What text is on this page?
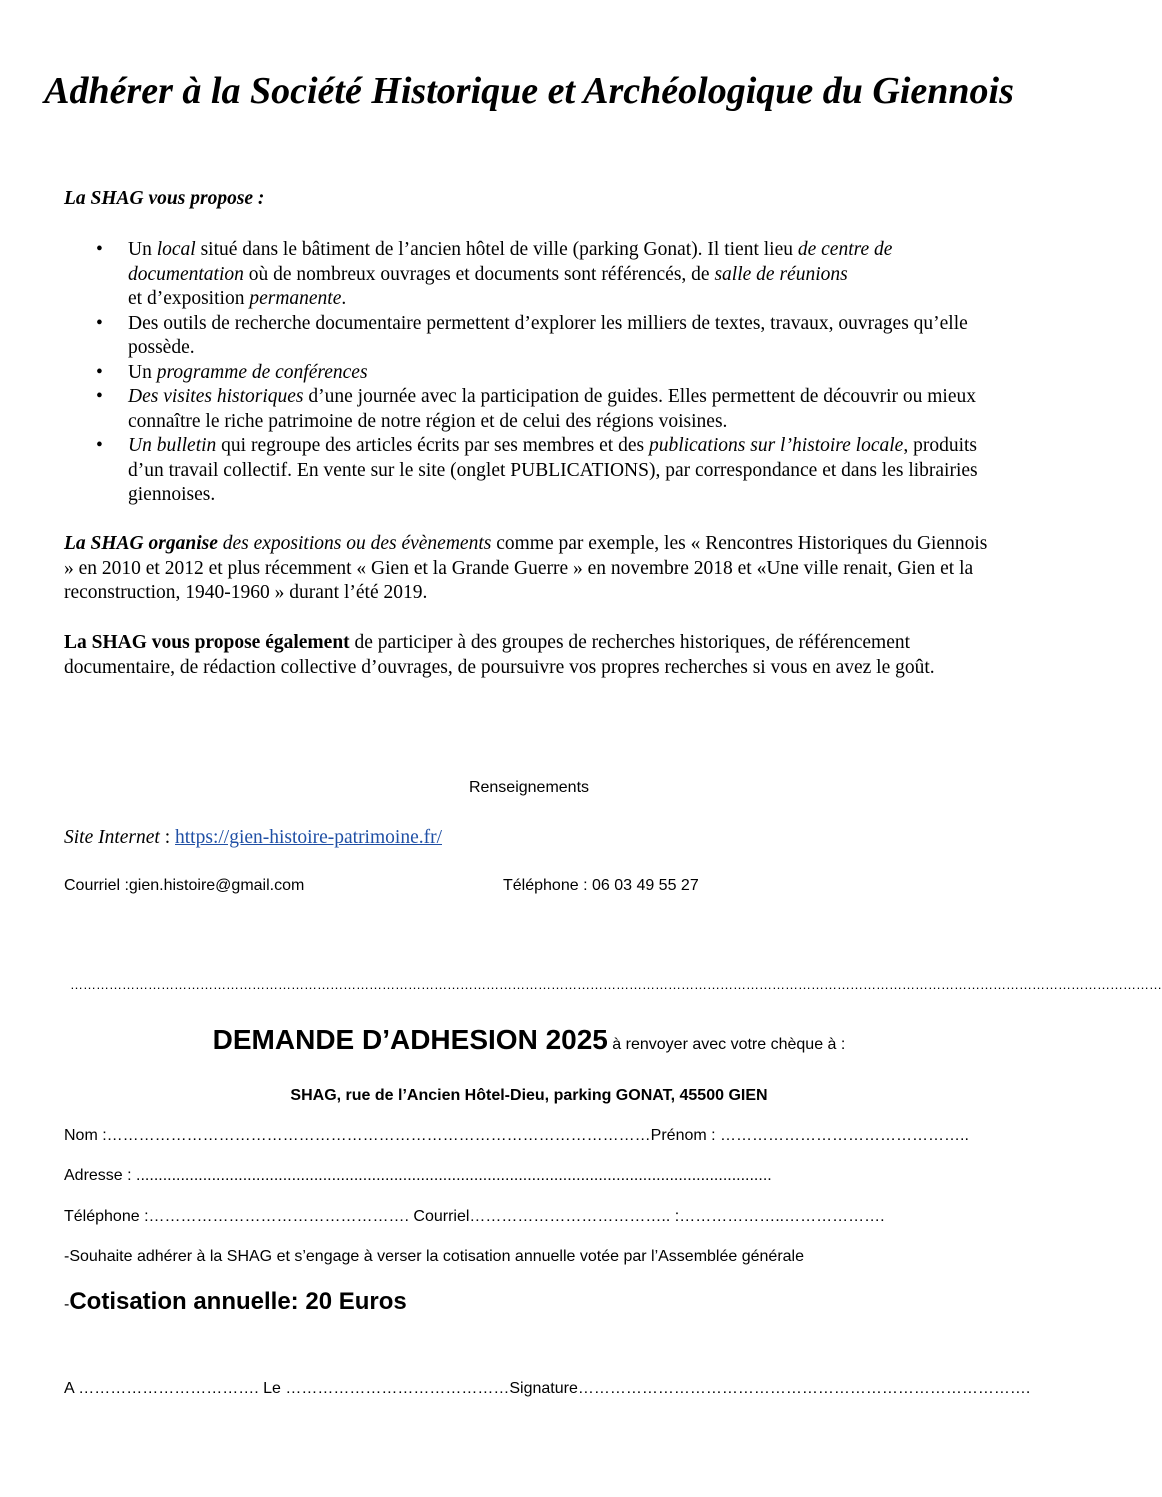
Adhérer à la Société Historique et Archéologique du Giennois
La SHAG vous propose :
• Un local situé dans le bâtiment de l’ancien hôtel de ville (parking Gonat). Il tient lieu de centre de documentation où de nombreux ouvrages et documents sont référencés, de salle de réunions
et d’exposition permanente.
• Des outils de recherche documentaire permettent d’explorer les milliers de textes, travaux, ouvrages qu’elle possède.
• Un programme de conférences
• Des visites historiques d’une journée avec la participation de guides. Elles permettent de découvrir ou mieux connaître le riche patrimoine de notre région et de celui des régions voisines.
• Un bulletin qui regroupe des articles écrits par ses membres et des publications sur l’histoire locale, produits d’un travail collectif. En vente sur le site (onglet PUBLICATIONS), par correspondance et dans les librairies giennoises.
La SHAG organise des expositions ou des évènements comme par exemple, les « Rencontres Historiques du Giennois » en 2010 et 2012 et plus récemment « Gien et la Grande Guerre » en novembre 2018 et «Une ville renait, Gien et la reconstruction, 1940-1960 » durant l’été 2019.
La SHAG vous propose également de participer à des groupes de recherches historiques, de référencement documentaire, de rédaction collective d’ouvrages, de poursuivre vos propres recherches si vous en avez le goût.
Renseignements
Site Internet : https://gien-histoire-patrimoine.fr/
Courriel :gien.histoire@gmail.com	Téléphone : 06 03 49 55 27
………………………………………………………………………………………………………………………………………………………………………………………………………………………………
DEMANDE D’ADHESION 2025 à renvoyer avec votre chèque à :
SHAG, rue de l’Ancien Hôtel-Dieu, parking GONAT, 45500 GIEN
Nom :…………………………………………………………………………………………Prénom : ………………………………………..
Adresse : ...............................................................................................................................................
Téléphone :…………………………………………. Courriel……………………………….. :………………..……………….
-Souhaite adhérer à la SHAG et s’engage à verser la cotisation annuelle votée par l’Assemblée générale
-Cotisation annuelle: 20 Euros
A ……………………………. Le ……………………………………Signature………………………………………………………………………….
